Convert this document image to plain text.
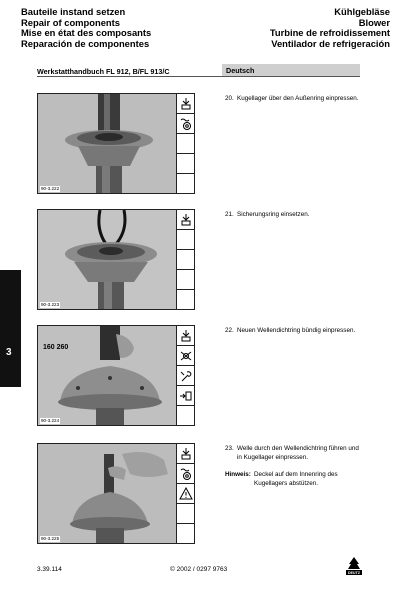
Bauteile instand setzen
Repair of components
Mise en état des composants
Reparación de componentes
Kühlgebläse
Blower
Turbine de refroidissement
Ventilador de refrigeración
Werkstatthandbuch FL 912, B/FL 913/C	Deutsch
3
90-3.222
90-3.223
90-3.224
160 260
90-3.225
20. Kugellager über den Außenring einpressen.
21. Sicherungsring einsetzen.
22. Neuen Wellendichtring bündig einpressen.
23. Welle durch den Wellendichtring führen und in Kugellager einpressen.
Hinweis: Deckel auf dem Innenring des Kugellagers abstützen.
3.39.114	© 2002 / 0297 9763
DEUTZ
